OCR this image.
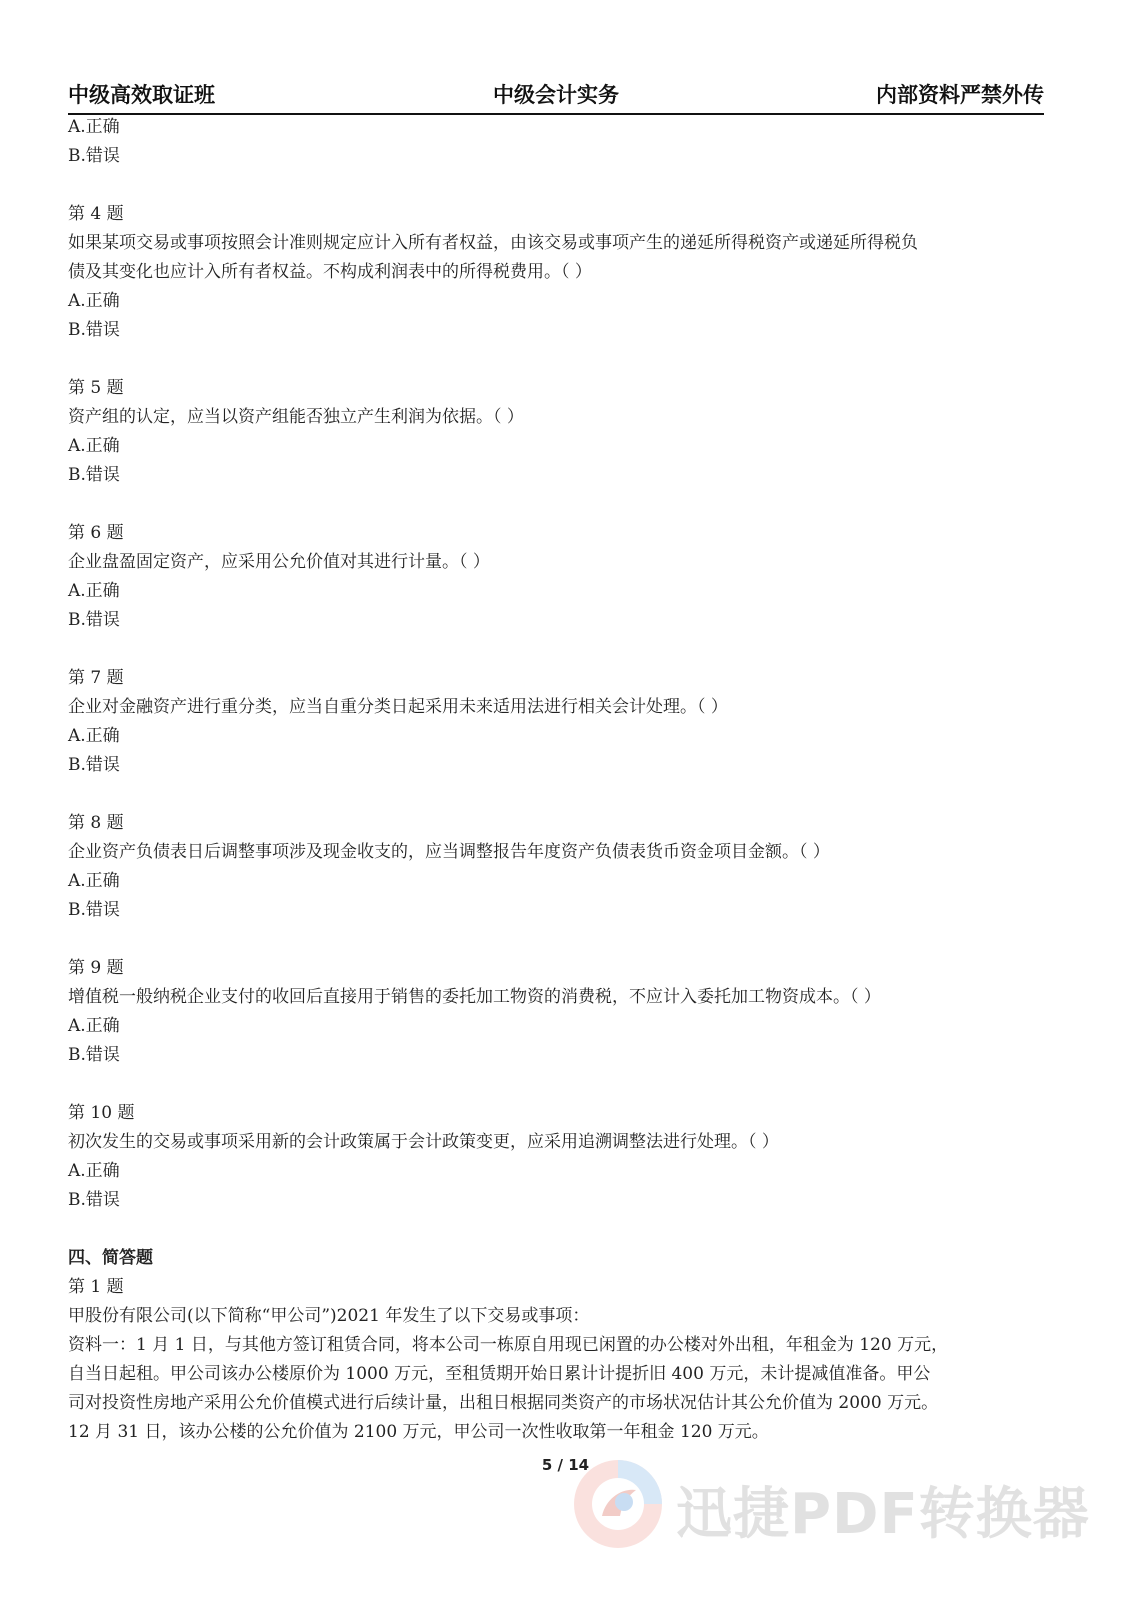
中级高效取证班	中级会计实务	内部资料严禁外传

A.正确

B.错误

第 4 题

如果某项交易或事项按照会计准则规定应计入所有者权益，由该交易或事项产生的递延所得税资产或递延所得税负

债及其变化也应计入所有者权益。不构成利润表中的所得税费用。（ ）

A.正确

B.错误

第 5 题

资产组的认定，应当以资产组能否独立产生利润为依据。（ ）

A.正确

B.错误

第 6 题

企业盘盈固定资产，应采用公允价值对其进行计量。（ ）

A.正确

B.错误

第 7 题

企业对金融资产进行重分类，应当自重分类日起采用未来适用法进行相关会计处理。（ ）

A.正确

B.错误

第 8 题

企业资产负债表日后调整事项涉及现金收支的，应当调整报告年度资产负债表货币资金项目金额。（ ）

A.正确

B.错误

第 9 题

增值税一般纳税企业支付的收回后直接用于销售的委托加工物资的消费税，不应计入委托加工物资成本。（ ）

A.正确

B.错误

第 10 题

初次发生的交易或事项采用新的会计政策属于会计政策变更，应采用追溯调整法进行处理。（ ）

A.正确

B.错误

四、简答题

第 1 题

甲股份有限公司(以下简称“甲公司”)2021 年发生了以下交易或事项：

资料一：1 月 1 日，与其他方签订租赁合同，将本公司一栋原自用现已闲置的办公楼对外出租，年租金为 120 万元，

自当日起租。甲公司该办公楼原价为 1000 万元，至租赁期开始日累计计提折旧 400 万元，未计提减值准备。甲公

司对投资性房地产采用公允价值模式进行后续计量，出租日根据同类资产的市场状况估计其公允价值为 2000 万元。

12 月 31 日，该办公楼的公允价值为 2100 万元，甲公司一次性收取第一年租金 120 万元。

5 / 14
迅捷PDF转换器
